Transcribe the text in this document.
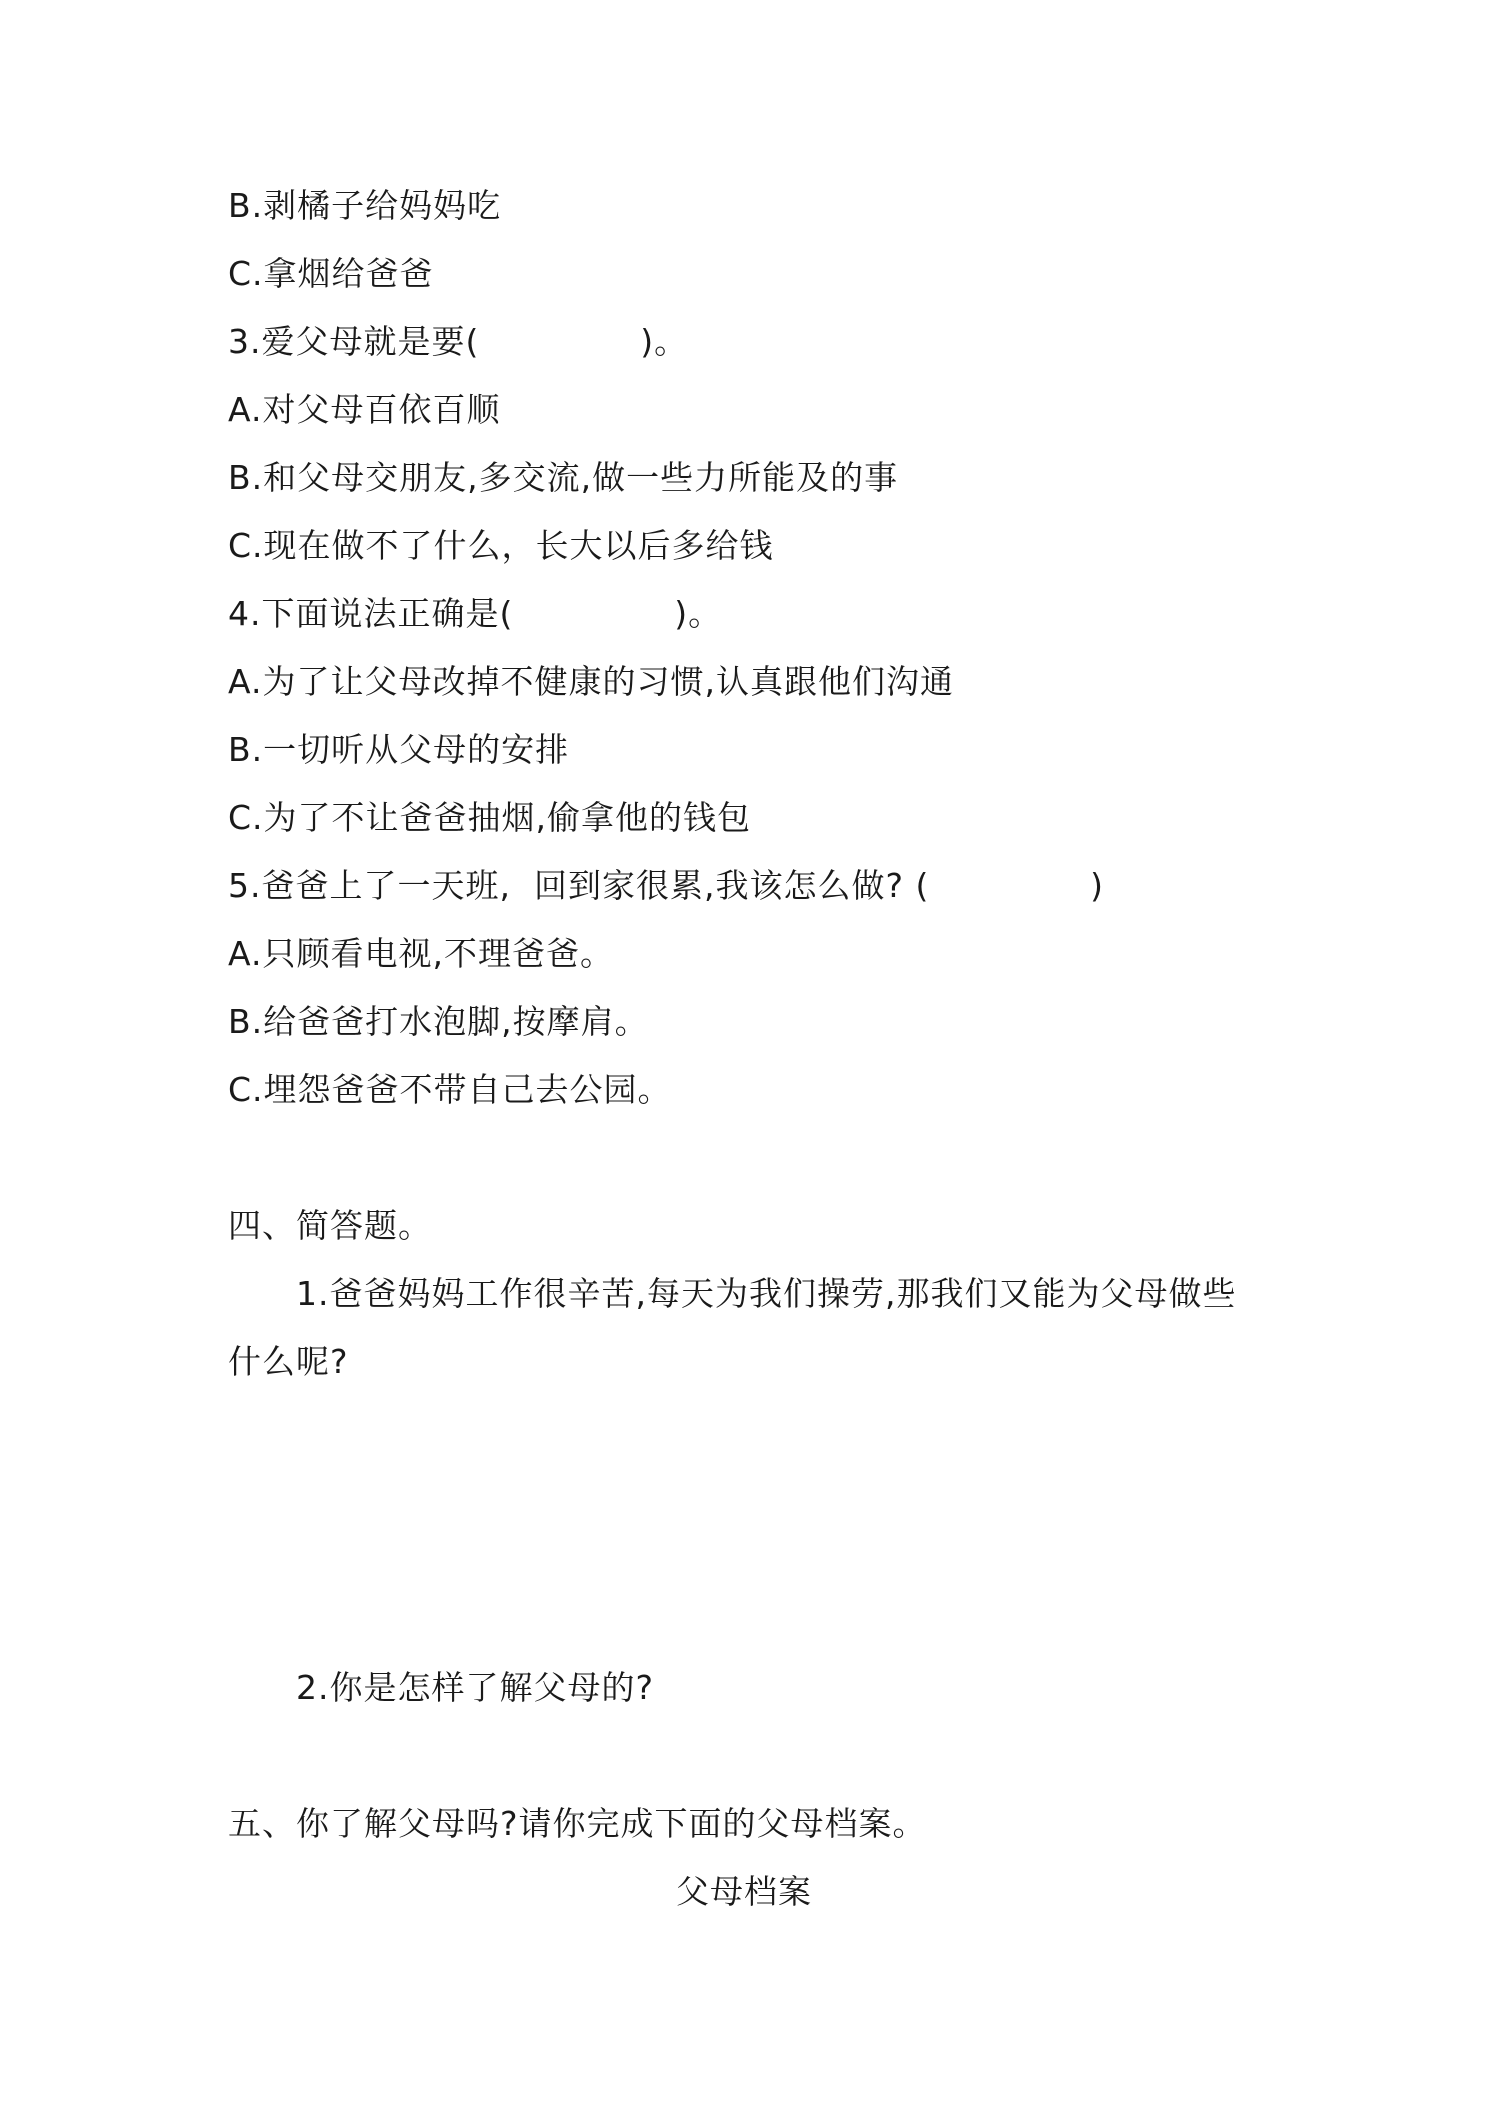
B.剥橘子给妈妈吃
C.拿烟给爸爸
3.爱父母就是要(              )。
A.对父母百依百顺
B.和父母交朋友,多交流,做一些力所能及的事
C.现在做不了什么，长大以后多给钱
4.下面说法正确是(              )。
A.为了让父母改掉不健康的习惯,认真跟他们沟通
B.一切听从父母的安排
C.为了不让爸爸抽烟,偷拿他的钱包
5.爸爸上了一天班,  回到家很累,我该怎么做? (              )
A.只顾看电视,不理爸爸。
B.给爸爸打水泡脚,按摩肩。
C.埋怨爸爸不带自己去公园。
四、简答题。
1.爸爸妈妈工作很辛苦,每天为我们操劳,那我们又能为父母做些
什么呢?
2.你是怎样了解父母的?
五、你了解父母吗?请你完成下面的父母档案。
父母档案
